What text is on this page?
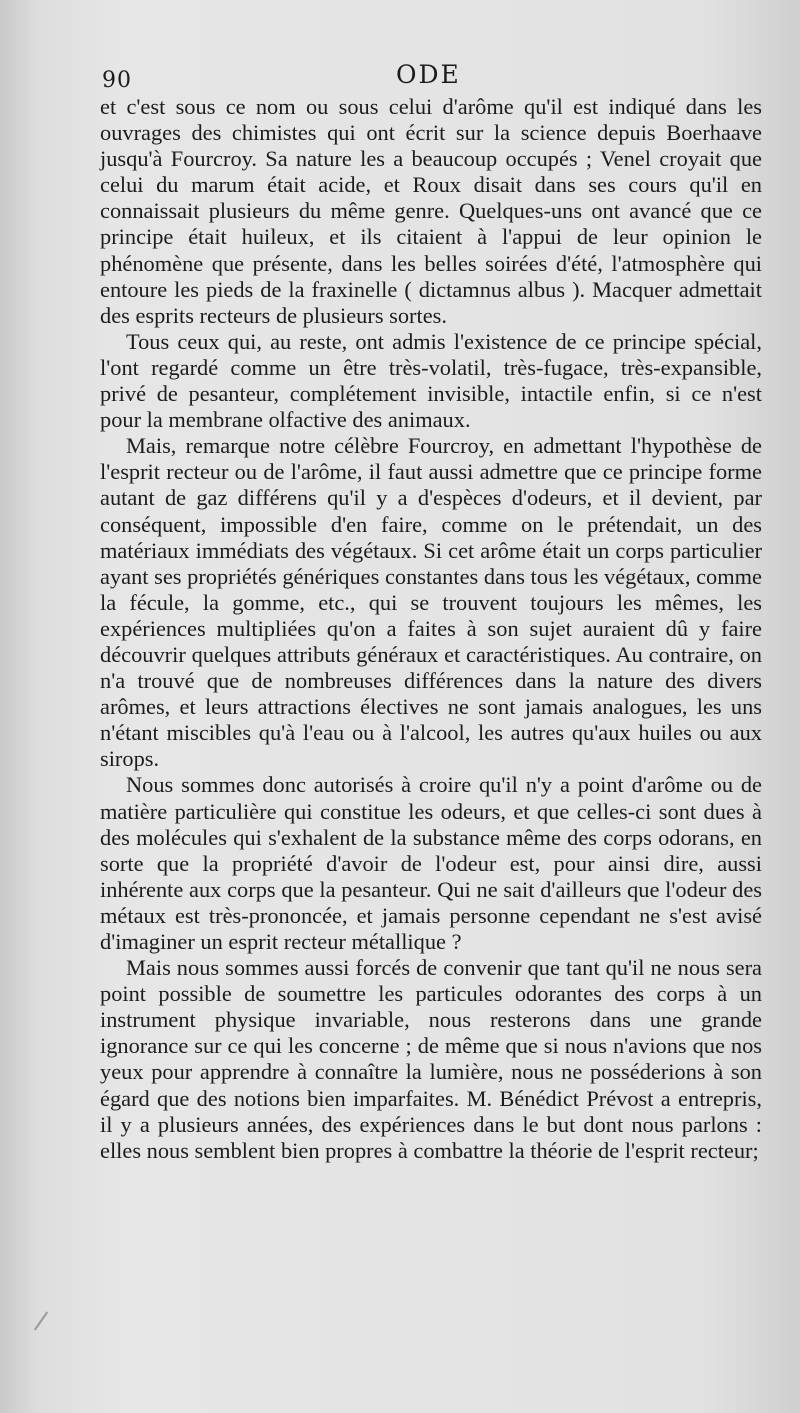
90	ODE

et c'est sous ce nom ou sous celui d'arôme qu'il est indiqué dans les ouvrages des chimistes qui ont écrit sur la science depuis Boerhaave jusqu'à Fourcroy. Sa nature les a beaucoup occupés ; Venel croyait que celui du marum était acide, et Roux disait dans ses cours qu'il en connaissait plusieurs du même genre. Quelques-uns ont avancé que ce principe était huileux, et ils citaient à l'appui de leur opinion le phénomène que présente, dans les belles soirées d'été, l'atmosphère qui entoure les pieds de la fraxinelle ( dictamnus albus ). Macquer admettait des esprits recteurs de plusieurs sortes.

Tous ceux qui, au reste, ont admis l'existence de ce principe spécial, l'ont regardé comme un être très-volatil, très-fugace, très-expansible, privé de pesanteur, complétement invisible, intactile enfin, si ce n'est pour la membrane olfactive des animaux.

Mais, remarque notre célèbre Fourcroy, en admettant l'hypothèse de l'esprit recteur ou de l'arôme, il faut aussi admettre que ce principe forme autant de gaz différens qu'il y a d'espèces d'odeurs, et il devient, par conséquent, impossible d'en faire, comme on le prétendait, un des matériaux immédiats des végétaux. Si cet arôme était un corps particulier ayant ses propriétés génériques constantes dans tous les végétaux, comme la fécule, la gomme, etc., qui se trouvent toujours les mêmes, les expériences multipliées qu'on a faites à son sujet auraient dû y faire découvrir quelques attributs généraux et caractéristiques. Au contraire, on n'a trouvé que de nombreuses différences dans la nature des divers arômes, et leurs attractions électives ne sont jamais analogues, les uns n'étant miscibles qu'à l'eau ou à l'alcool, les autres qu'aux huiles ou aux sirops.

Nous sommes donc autorisés à croire qu'il n'y a point d'arôme ou de matière particulière qui constitue les odeurs, et que celles-ci sont dues à des molécules qui s'exhalent de la substance même des corps odorans, en sorte que la propriété d'avoir de l'odeur est, pour ainsi dire, aussi inhérente aux corps que la pesanteur. Qui ne sait d'ailleurs que l'odeur des métaux est très-prononcée, et jamais personne cependant ne s'est avisé d'imaginer un esprit recteur métallique ?

Mais nous sommes aussi forcés de convenir que tant qu'il ne nous sera point possible de soumettre les particules odorantes des corps à un instrument physique invariable, nous resterons dans une grande ignorance sur ce qui les concerne ; de même que si nous n'avions que nos yeux pour apprendre à connaître la lumière, nous ne posséderions à son égard que des notions bien imparfaites. M. Bénédict Prévost a entrepris, il y a plusieurs années, des expériences dans le but dont nous parlons : elles nous semblent bien propres à combattre la théorie de l'esprit recteur;
